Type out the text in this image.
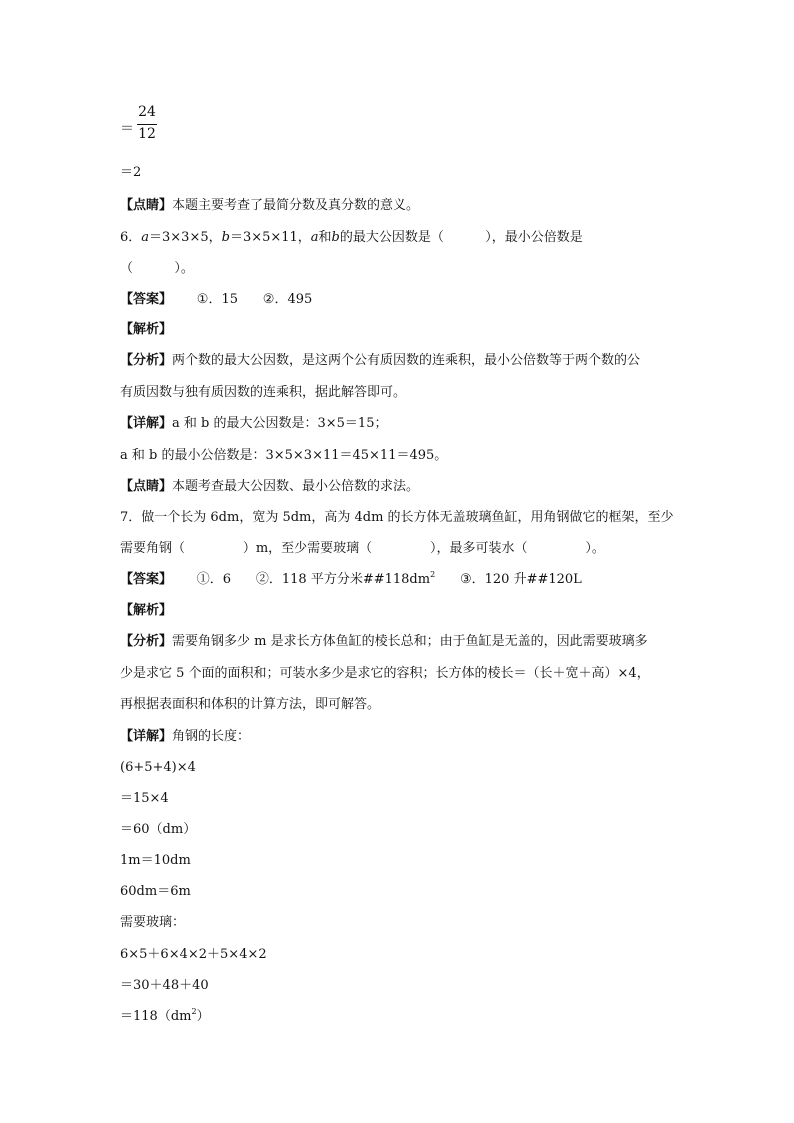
＝
24
12
＝2
【点睛】本题主要考查了最简分数及真分数的意义。
6．𝑎＝3×3×5，𝑏＝3×5×11，𝑎和𝑏的最大公因数是（          ），最小公倍数是
（          ）。
【答案】      ①．15      ②．495
【解析】
【分析】两个数的最大公因数，是这两个公有质因数的连乘积，最小公倍数等于两个数的公
有质因数与独有质因数的连乘积，据此解答即可。
【详解】a 和 b 的最大公因数是：3×5＝15；
a 和 b 的最小公倍数是：3×5×3×11＝45×11＝495。
【点睛】本题考查最大公因数、最小公倍数的求法。
7．做一个长为 6dm，宽为 5dm，高为 4dm 的长方体无盖玻璃鱼缸，用角钢做它的框架，至少
需要角钢（              ）m，至少需要玻璃（              ），最多可装水（              ）。
【答案】      ①．6      ②．118 平方分米$\#\#118dm^2$      ③．120 升##120L
【解析】
【分析】需要角钢多少 m 是求长方体鱼缸的棱长总和；由于鱼缸是无盖的，因此需要玻璃多
少是求它 5 个面的面积和；可装水多少是求它的容积；长方体的棱长＝（长＋宽＋高）×4，
再根据表面积和体积的计算方法，即可解答。
【详解】角钢的长度：
(6+5+4)×4
＝15×4
＝60（dm）
1m＝10dm
60dm＝6m
需要玻璃：
6×5＋6×4×2＋5×4×2
＝30＋48＋40
$=118(dm^2)$
